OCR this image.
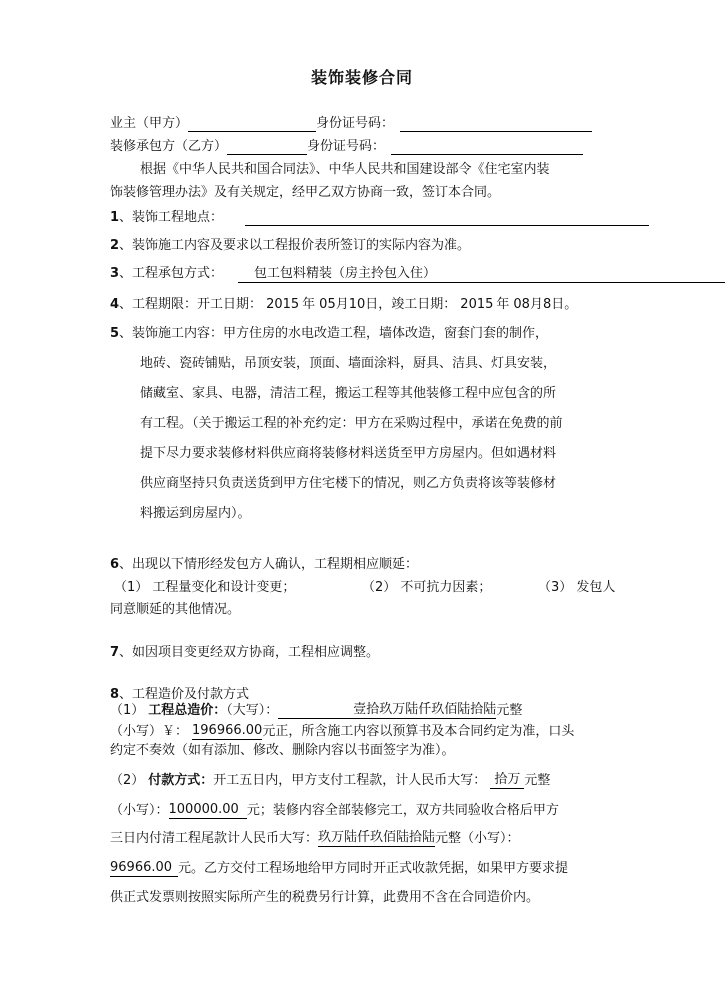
装饰装修合同
业主（甲方）	身份证号码：
装修承包方（乙方）	身份证号码：
根据《中华人民共和国合同法》、中华人民共和国建设部令《住宅室内装
饰装修管理办法》及有关规定，经甲乙双方协商一致，签订本合同。
1、装饰工程地点：
2、装饰施工内容及要求以工程报价表所签订的实际内容为准。
3、工程承包方式：	包工包料精装（房主拎包入住）
4、工程期限：开工日期： 2015 年 05月10日，竣工日期： 2015 年 08月8日。
5、装饰施工内容：甲方住房的水电改造工程，墙体改造，窗套门套的制作，
地砖、瓷砖铺贴，吊顶安装，顶面、墙面涂料，厨具、洁具、灯具安装，
储藏室、家具、电器，清洁工程，搬运工程等其他装修工程中应包含的所
有工程。（关于搬运工程的补充约定：甲方在采购过程中，承诺在免费的前
提下尽力要求装修材料供应商将装修材料送货至甲方房屋内。但如遇材料
供应商坚持只负责送货到甲方住宅楼下的情况，则乙方负责将该等装修材
料搬运到房屋内）。
6、出现以下情形经发包方人确认，工程期相应顺延：
（1） 工程量变化和设计变更；	（2） 不可抗力因素；	（3） 发包人
同意顺延的其他情况。
7、如因项目变更经双方协商，工程相应调整。
8、工程造价及付款方式
（1） 工程总造价：（大写）：	壹拾玖万陆仟玖佰陆拾陆元整
（小写）￥： 196966.00元正，所含施工内容以预算书及本合同约定为准，口头
约定不奏效（如有添加、修改、删除内容以书面签字为准）。
（2） 付款方式：开工五日内，甲方支付工程款，计人民币大写： 拾万 元整
（小写）：100000.00 元；装修内容全部装修完工，双方共同验收合格后甲方
三日内付清工程尾款计人民币大写：玖万陆仟玖佰陆拾陆元整（小写）：
96966.00 元。乙方交付工程场地给甲方同时开正式收款凭据，如果甲方要求提
供正式发票则按照实际所产生的税费另行计算，此费用不含在合同造价内。
